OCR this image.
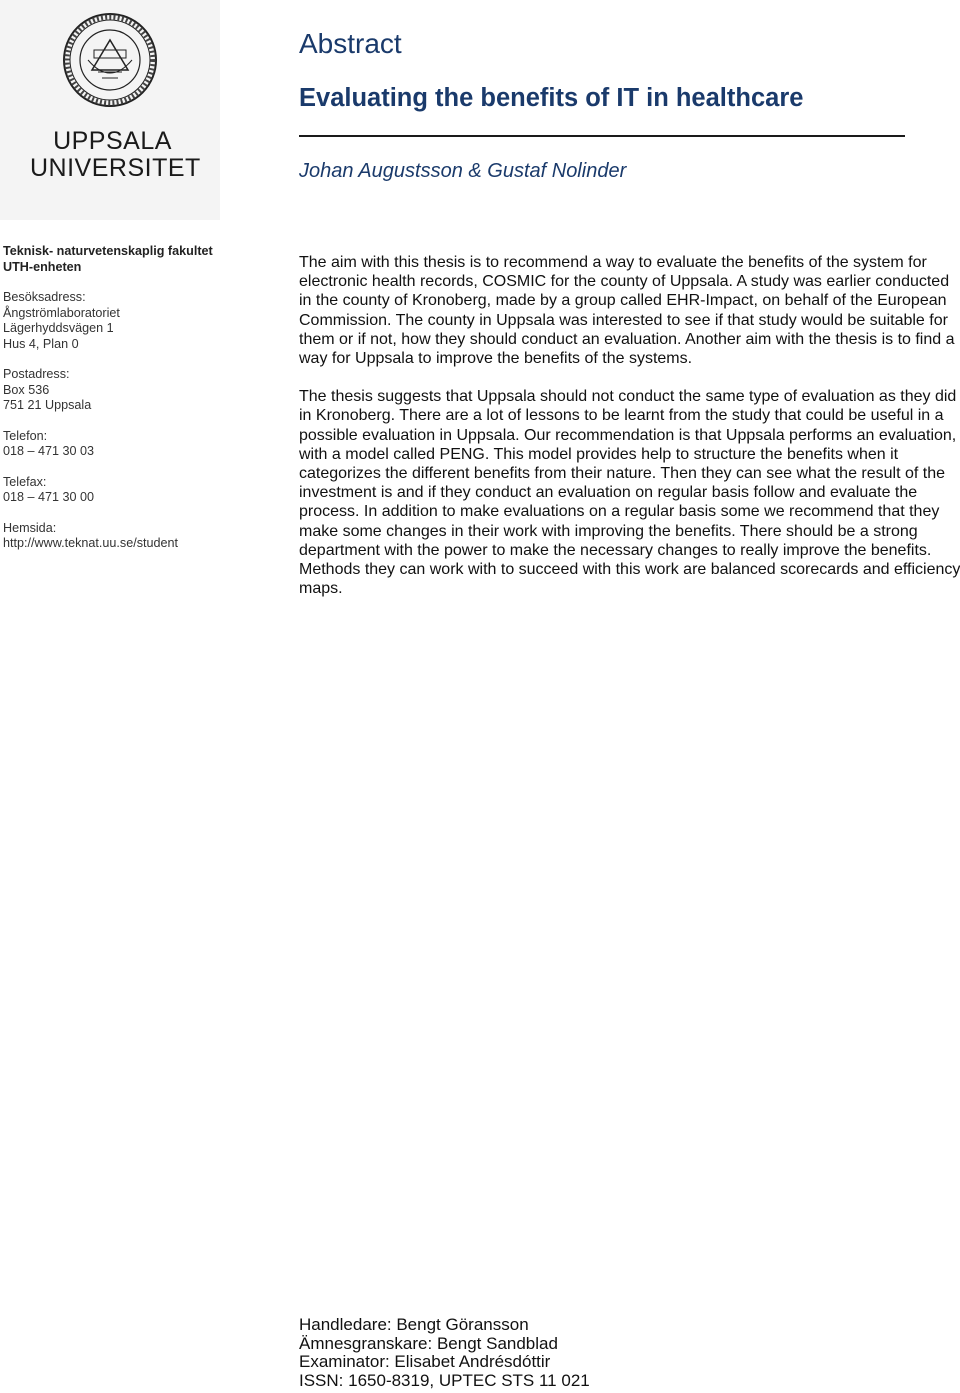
UPPSALA
UNIVERSITET
Teknisk- naturvetenskaplig fakultet
UTH-enheten
Besöksadress:
Ångströmlaboratoriet
Lägerhyddsvägen 1
Hus 4, Plan 0
Postadress:
Box 536
751 21 Uppsala
Telefon:
018 – 471 30 03
Telefax:
018 – 471 30 00
Hemsida:
http://www.teknat.uu.se/student
Abstract
Evaluating the benefits of IT in healthcare
Johan Augustsson & Gustaf Nolinder

The aim with this thesis is to recommend a way to evaluate the benefits of the system for electronic health records, COSMIC for the county of Uppsala. A study was earlier conducted in the county of Kronoberg, made by a group called EHR-Impact, on behalf of the European Commission. The county in Uppsala was interested to see if that study would be suitable for them or if not, how they should conduct an evaluation. Another aim with the thesis is to find a way for Uppsala to improve the benefits of the systems.

The thesis suggests that Uppsala should not conduct the same type of evaluation as they did in Kronoberg. There are a lot of lessons to be learnt from the study that could be useful in a possible evaluation in Uppsala. Our recommendation is that Uppsala performs an evaluation, with a model called PENG. This model provides help to structure the benefits when it categorizes the different benefits from their nature. Then they can see what the result of the investment is and if they conduct an evaluation on regular basis follow and evaluate the process. In addition to make evaluations on a regular basis some we recommend that they make some changes in their work with improving the benefits. There should be a strong department with the power to make the necessary changes to really improve the benefits. Methods they can work with to succeed with this work are balanced scorecards and efficiency maps.

Handledare: Bengt Göransson
Ämnesgranskare: Bengt Sandblad
Examinator: Elisabet Andrésdóttir
ISSN: 1650-8319, UPTEC STS 11 021
